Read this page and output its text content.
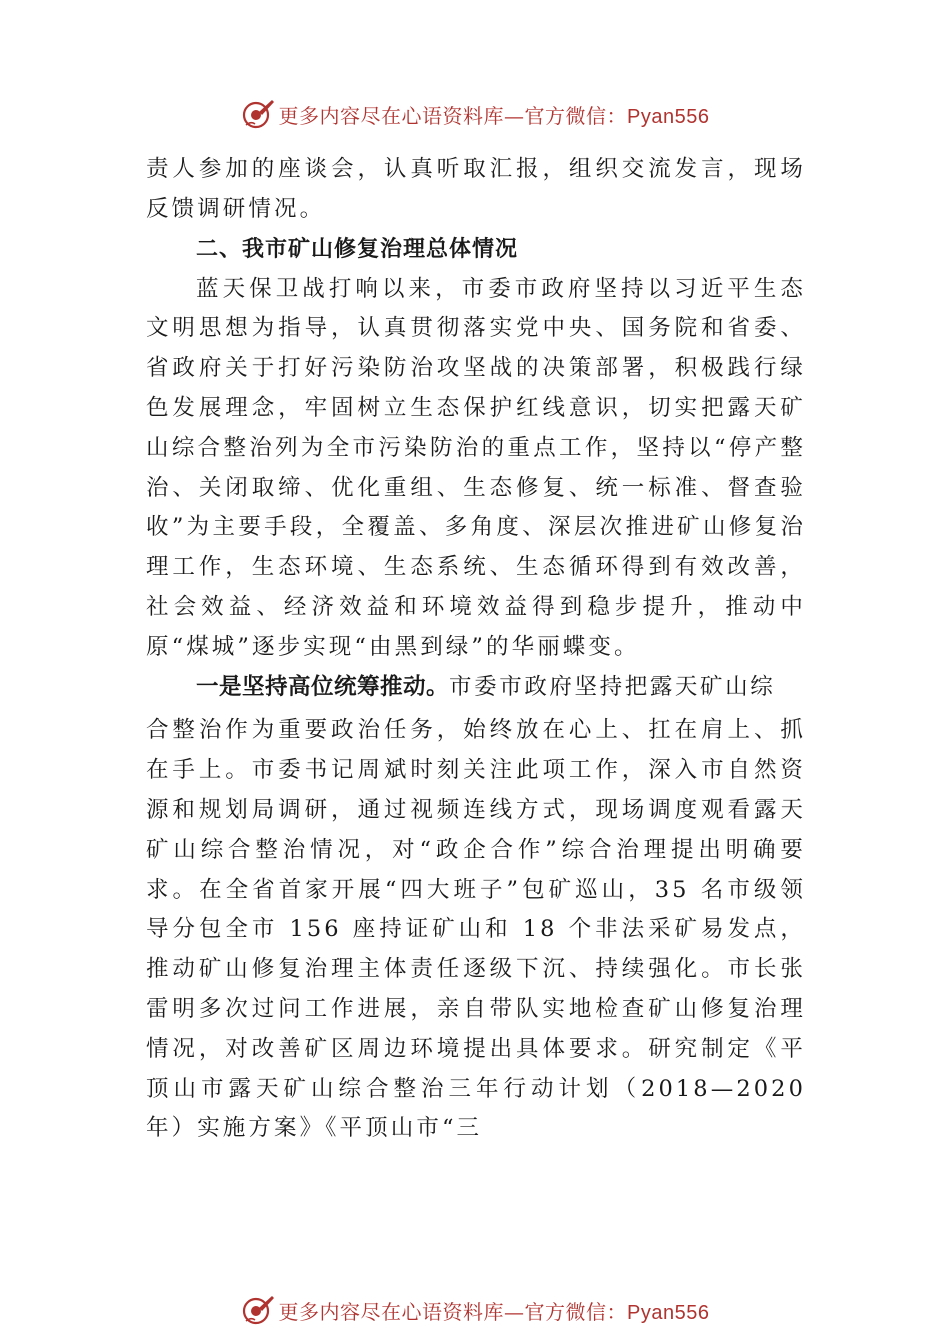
更多内容尽在心语资料库—官方微信：Pyan556

责人参加的座谈会，认真听取汇报，组织交流发言，现场反馈调研情况。

二、我市矿山修复治理总体情况

蓝天保卫战打响以来，市委市政府坚持以习近平生态文明思想为指导，认真贯彻落实党中央、国务院和省委、省政府关于打好污染防治攻坚战的决策部署，积极践行绿色发展理念，牢固树立生态保护红线意识，切实把露天矿山综合整治列为全市污染防治的重点工作，坚持以“停产整治、关闭取缔、优化重组、生态修复、统一标准、督查验收”为主要手段，全覆盖、多角度、深层次推进矿山修复治理工作，生态环境、生态系统、生态循环得到有效改善，社会效益、经济效益和环境效益得到稳步提升，推动中原“煤城”逐步实现“由黑到绿”的华丽蝶变。

一是坚持高位统筹推动。市委市政府坚持把露天矿山综

合整治作为重要政治任务，始终放在心上、扛在肩上、抓在手上。市委书记周斌时刻关注此项工作，深入市自然资源和规划局调研，通过视频连线方式，现场调度观看露天矿山综合整治情况，对“政企合作”综合治理提出明确要求。在全省首家开展“四大班子”包矿巡山，35 名市级领导分包全市 156 座持证矿山和 18 个非法采矿易发点，推动矿山修复治理主体责任逐级下沉、持续强化。市长张雷明多次过问工作进展，亲自带队实地检查矿山修复治理情况，对改善矿区周边环境提出具体要求。研究制定《平顶山市露天矿山综合整治三年行动计划（2018—2020 年）实施方案》《平顶山市“三

更多内容尽在心语资料库—官方微信：Pyan556
